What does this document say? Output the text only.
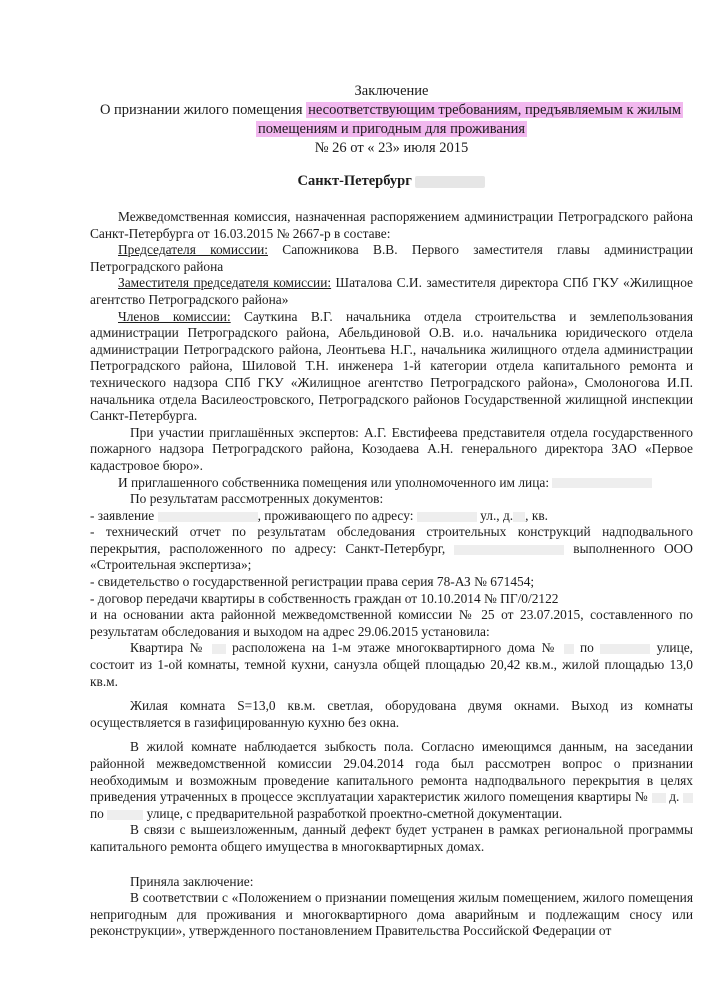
Заключение
О признании жилого помещения несоответствующим требованиям, предъявляемым к жилым
помещениям и пригодным для проживания
№ 26 от « 23» июля 2015
Санкт-Петербург

Межведомственная комиссия, назначенная распоряжением администрации Петроградского района Санкт-Петербурга от 16.03.2015 № 2667-р в составе:

Председателя комиссии: Сапожникова В.В. Первого заместителя главы администрации Петроградского района

Заместителя председателя комиссии: Шаталова С.И. заместителя директора СПб ГКУ «Жилищное агентство Петроградского района»

Членов комиссии: Сауткина В.Г. начальника отдела строительства и землепользования администрации Петроградского района, Абельдиновой О.В. и.о. начальника юридического отдела администрации Петроградского района, Леонтьева Н.Г., начальника жилищного отдела администрации Петроградского района, Шиловой Т.Н. инженера 1-й категории отдела капитального ремонта и технического надзора СПб ГКУ «Жилищное агентство Петроградского района», Смолоногова И.П. начальника отдела Василеостровского, Петроградского районов Государственной жилищной инспекции Санкт-Петербурга.

При участии приглашённых экспертов: А.Г. Евстифеева представителя отдела государственного пожарного надзора Петроградского района, Козодаева А.Н. генерального директора ЗАО «Первое кадастровое бюро».

И приглашенного собственника помещения или уполномоченного им лица:

По результатам рассмотренных документов:

- заявление	, проживающего по адресу:	ул., д. , кв.

- технический отчет по результатам обследования строительных конструкций надподвального перекрытия, расположенного по адресу: Санкт-Петербург,	выполненного ООО «Строительная экспертиза»;

- свидетельство о государственной регистрации права серия 78-АЗ № 671454;

- договор передачи квартиры в собственность граждан от 10.10.2014 № ПГ/0/2122

и на основании акта районной межведомственной комиссии № 25 от 23.07.2015, составленного по результатам обследования и выходом на адрес 29.06.2015 установила:

Квартира №  расположена на 1-м этаже многоквартирного дома №  по	улице, состоит из 1-ой комнаты, темной кухни, санузла общей площадью 20,42 кв.м., жилой площадью 13,0 кв.м.

Жилая комната S=13,0 кв.м. светлая, оборудована двумя окнами. Выход из комнаты осуществляется в газифицированную кухню без окна.

В жилой комнате наблюдается зыбкость пола. Согласно имеющимся данным, на заседании районной межведомственной комиссии 29.04.2014 года был рассмотрен вопрос о признании необходимым и возможным проведение капитального ремонта надподвального перекрытия в целях приведения утраченных в процессе эксплуатации характеристик жилого помещения квартиры №  д.  по	улице, с предварительной разработкой проектно-сметной документации.

В связи с вышеизложенным, данный дефект будет устранен в рамках региональной программы капитального ремонта общего имущества в многоквартирных домах.

Приняла заключение:

В соответствии с «Положением о признании помещения жилым помещением, жилого помещения непригодным для проживания и многоквартирного дома аварийным и подлежащим сносу или реконструкции», утвержденного постановлением Правительства Российской Федерации от
